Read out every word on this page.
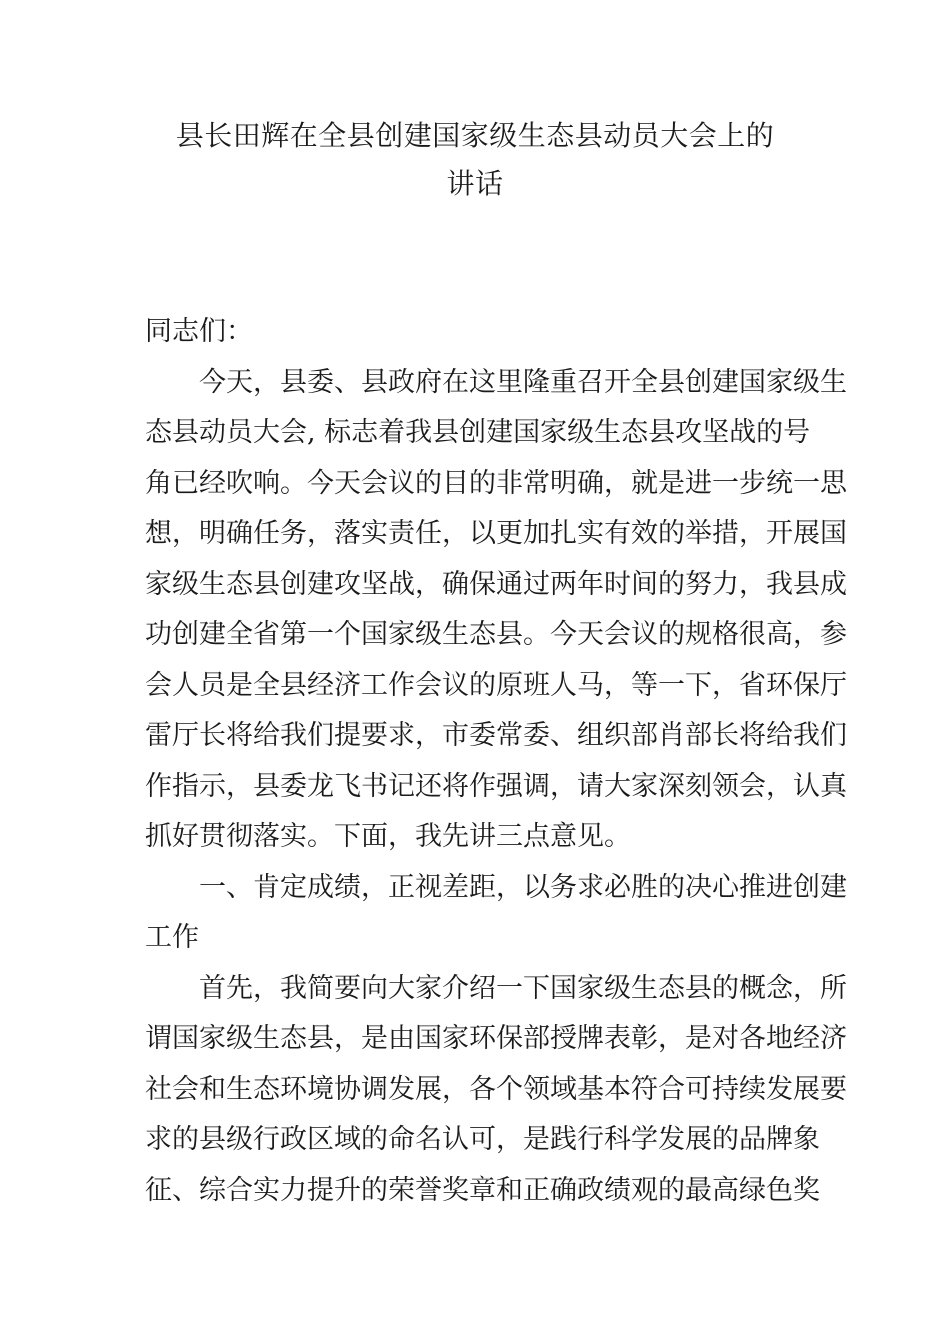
县长田辉在全县创建国家级生态县动员大会上的
讲话
同志们：
今天，县委、县政府在这里隆重召开全县创建国家级生
态县动员大会, 标志着我县创建国家级生态县攻坚战的号
角已经吹响。今天会议的目的非常明确，就是进一步统一思
想，明确任务，落实责任，以更加扎实有效的举措，开展国
家级生态县创建攻坚战，确保通过两年时间的努力，我县成
功创建全省第一个国家级生态县。今天会议的规格很高，参
会人员是全县经济工作会议的原班人马，等一下，省环保厅
雷厅长将给我们提要求，市委常委、组织部肖部长将给我们
作指示，县委龙飞书记还将作强调，请大家深刻领会，认真
抓好贯彻落实。下面，我先讲三点意见。
一、肯定成绩，正视差距，以务求必胜的决心推进创建
工作
首先，我简要向大家介绍一下国家级生态县的概念，所
谓国家级生态县，是由国家环保部授牌表彰，是对各地经济
社会和生态环境协调发展，各个领域基本符合可持续发展要
求的县级行政区域的命名认可，是践行科学发展的品牌象
征、综合实力提升的荣誉奖章和正确政绩观的最高绿色奖
